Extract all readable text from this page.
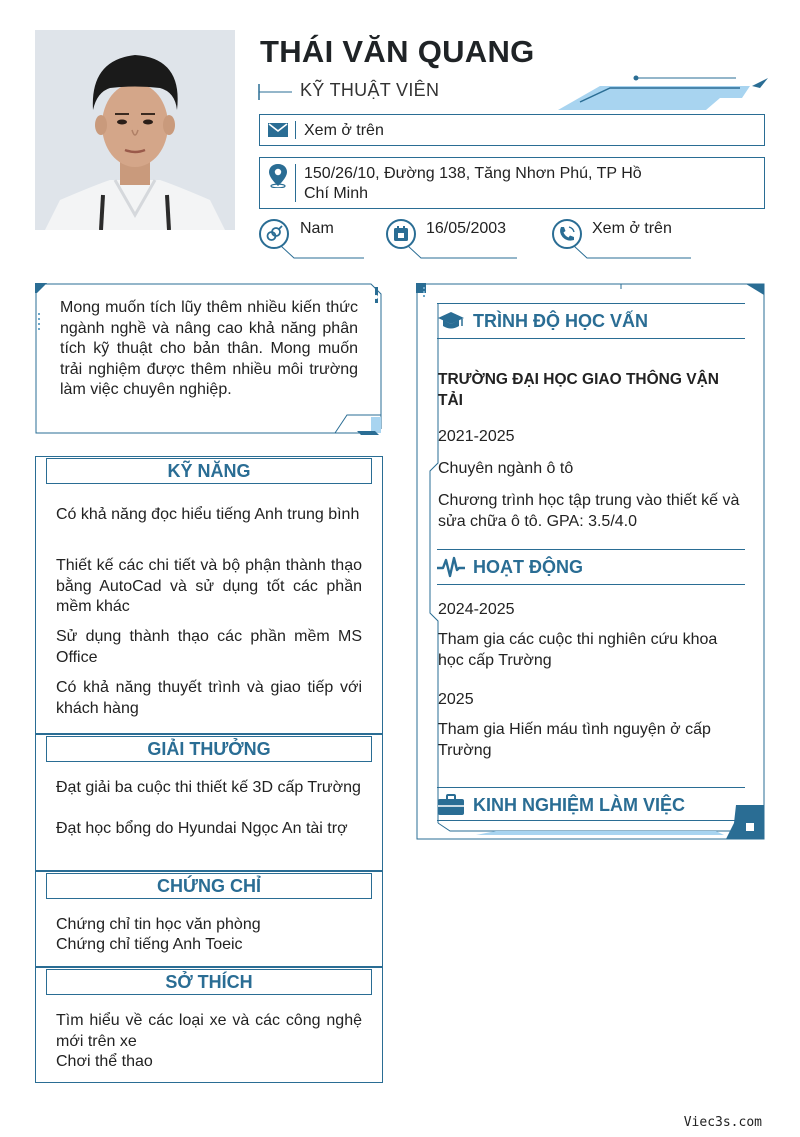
THÁI VĂN QUANG
KỸ THUẬT VIÊN
Xem ở trên
150/26/10, Đường 138, Tăng Nhơn Phú, TP Hồ Chí Minh
Nam	16/05/2003	Xem ở trên
Mong muốn tích lũy thêm nhiều kiến thức ngành nghề và nâng cao khả năng phân tích kỹ thuật cho bản thân. Mong muốn trải nghiệm được thêm nhiều môi trường làm việc chuyên nghiệp.
KỸ NĂNG
Có khả năng đọc hiểu tiếng Anh trung bình
Thiết kế các chi tiết và bộ phận thành thạo bằng AutoCad và sử dụng tốt các phần mềm khác
Sử dụng thành thạo các phần mềm MS Office
Có khả năng thuyết trình và giao tiếp với khách hàng
GIẢI THƯỞNG
Đạt giải ba cuộc thi thiết kế 3D cấp Trường
Đạt học bổng do Hyundai Ngọc An tài trợ
CHỨNG CHỈ
Chứng chỉ tin học văn phòng
Chứng chỉ tiếng Anh Toeic
SỞ THÍCH
Tìm hiểu về các loại xe và các công nghệ mới trên xe
Chơi thể thao
TRÌNH ĐỘ HỌC VẤN
TRƯỜNG ĐẠI HỌC GIAO THÔNG VẬN TẢI
2021-2025
Chuyên ngành ô tô
Chương trình học tập trung vào thiết kế và sửa chữa ô tô. GPA: 3.5/4.0
HOẠT ĐỘNG
2024-2025
Tham gia các cuộc thi nghiên cứu khoa học cấp Trường
2025
Tham gia Hiến máu tình nguyện ở cấp Trường
KINH NGHIỆM LÀM VIỆC
Viec3s.com
